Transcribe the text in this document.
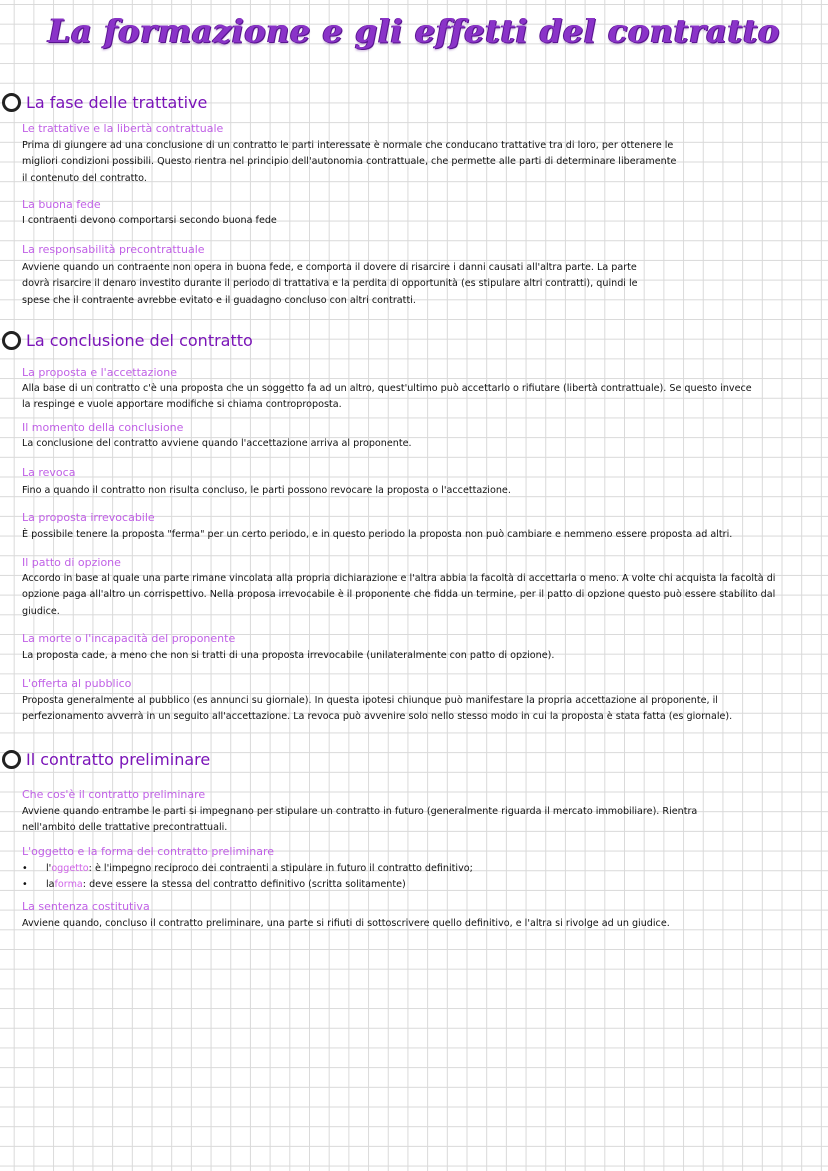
La formazione e gli effetti del contratto
La fase delle trattative
Le trattative e la libertà contrattuale
Prima di giungere ad una conclusione di un contratto le parti interessate è normale che conducano trattative tra di loro, per ottenere le migliori condizioni possibili. Questo rientra nel principio dell'autonomia contrattuale, che permette alle parti di determinare liberamente il contenuto del contratto.
La buona fede
I contraenti devono comportarsi secondo buona fede
La responsabilità precontrattuale
Avviene quando un contraente non opera in buona fede, e comporta il dovere di risarcire i danni causati all'altra parte. La parte dovrà risarcire il denaro investito durante il periodo di trattativa e la perdita di opportunità (es stipulare altri contratti), quindi le spese che il contraente avrebbe evitato e il guadagno concluso con altri contratti.
La conclusione del contratto
La proposta e l'accettazione
Alla base di un contratto c'è una proposta che un soggetto fa ad un altro, quest'ultimo può accettarlo o rifiutare (libertà contrattuale). Se questo invece la respinge e vuole apportare modifiche si chiama controproposta.
Il momento della conclusione
La conclusione del contratto avviene quando l'accettazione arriva al proponente.
La revoca
Fino a quando il contratto non risulta concluso, le parti possono revocare la proposta o l'accettazione.
La proposta irrevocabile
È possibile tenere la proposta "ferma" per un certo periodo, e in questo periodo la proposta non può cambiare e nemmeno essere proposta ad altri.
Il patto di opzione
Accordo in base al quale una parte rimane vincolata alla propria dichiarazione e l'altra abbia la facoltà di accettarla o meno. A volte chi acquista la facoltà di opzione paga all'altro un corrispettivo. Nella proposa irrevocabile è il proponente che fidda un termine, per il patto di opzione questo può essere stabilito dal giudice.
La morte o l'incapacità del proponente
La proposta cade, a meno che non si tratti di una proposta irrevocabile (unilateralmente con patto di opzione).
L'offerta al pubblico
Proposta generalmente al pubblico (es annunci su giornale). In questa ipotesi chiunque può manifestare la propria accettazione al proponente, il perfezionamento avverrà in un seguito all'accettazione. La revoca può avvenire solo nello stesso modo in cui la proposta è stata fatta (es giornale).
Il contratto preliminare
Che cos'è il contratto preliminare
Avviene quando entrambe le parti si impegnano per stipulare un contratto in futuro (generalmente riguarda il mercato immobiliare). Rientra nell'ambito delle trattative precontrattuali.
L'oggetto e la forma del contratto preliminare
•	l' oggetto : è l'impegno reciproco dei contraenti a stipulare in futuro il contratto definitivo;
•	la forma : deve essere la stessa del contratto definitivo (scritta solitamente)
La sentenza costitutiva
Avviene quando, concluso il contratto preliminare, una parte si rifiuti di sottoscrivere quello definitivo, e l'altra si rivolge ad un giudice.
